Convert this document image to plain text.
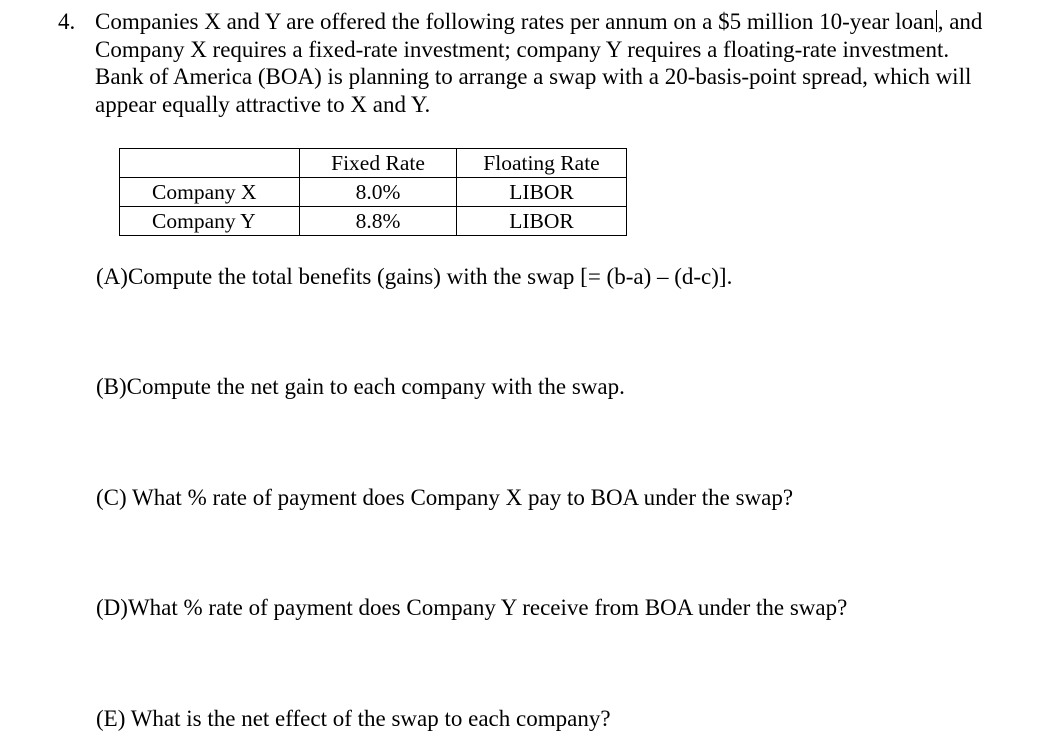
4. Companies X and Y are offered the following rates per annum on a $5 million 10-year loan , and Company X requires a fixed-rate investment; company Y requires a floating-rate investment. Bank of America (BOA) is planning to arrange a swap with a 20-basis-point spread, which will appear equally attractive to X and Y.
	Fixed Rate	Floating Rate
Company X	8.0%	LIBOR
Company Y	8.8%	LIBOR
(A)Compute the total benefits (gains) with the swap [= (b-a) – (d-c)].
(B)Compute the net gain to each company with the swap.
(C) What % rate of payment does Company X pay to BOA under the swap?
(D)What % rate of payment does Company Y receive from BOA under the swap?
(E) What is the net effect of the swap to each company?
